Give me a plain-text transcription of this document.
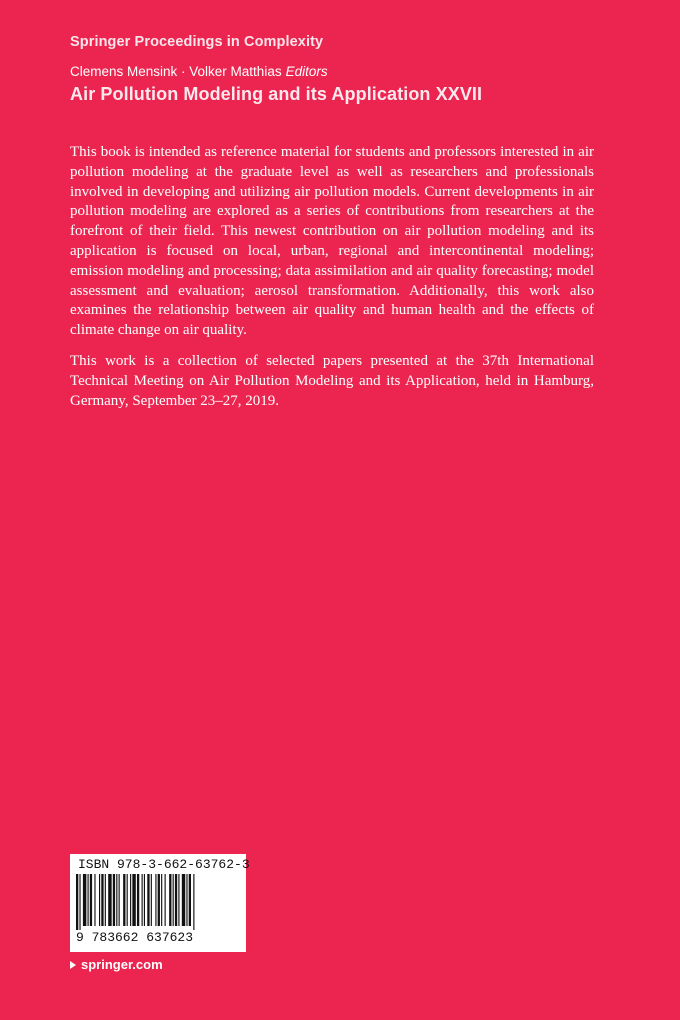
Springer Proceedings in Complexity
Clemens Mensink · Volker Matthias Editors
Air Pollution Modeling and its Application XXVII

This book is intended as reference material for students and professors interested in air pollution modeling at the graduate level as well as researchers and professionals involved in developing and utilizing air pollution models. Current developments in air pollution modeling are explored as a series of contributions from researchers at the forefront of their field. This newest contribution on air pollution modeling and its application is focused on local, urban, regional and intercontinental modeling; emission modeling and processing; data assimilation and air quality forecasting; model assessment and evaluation; aerosol transformation. Additionally, this work also examines the relationship between air quality and human health and the effects of climate change on air quality.

This work is a collection of selected papers presented at the 37th International Technical Meeting on Air Pollution Modeling and its Application, held in Hamburg, Germany, September 23–27, 2019.

ISBN 978-3-662-63762-3
9 783662 637623
springer.com
